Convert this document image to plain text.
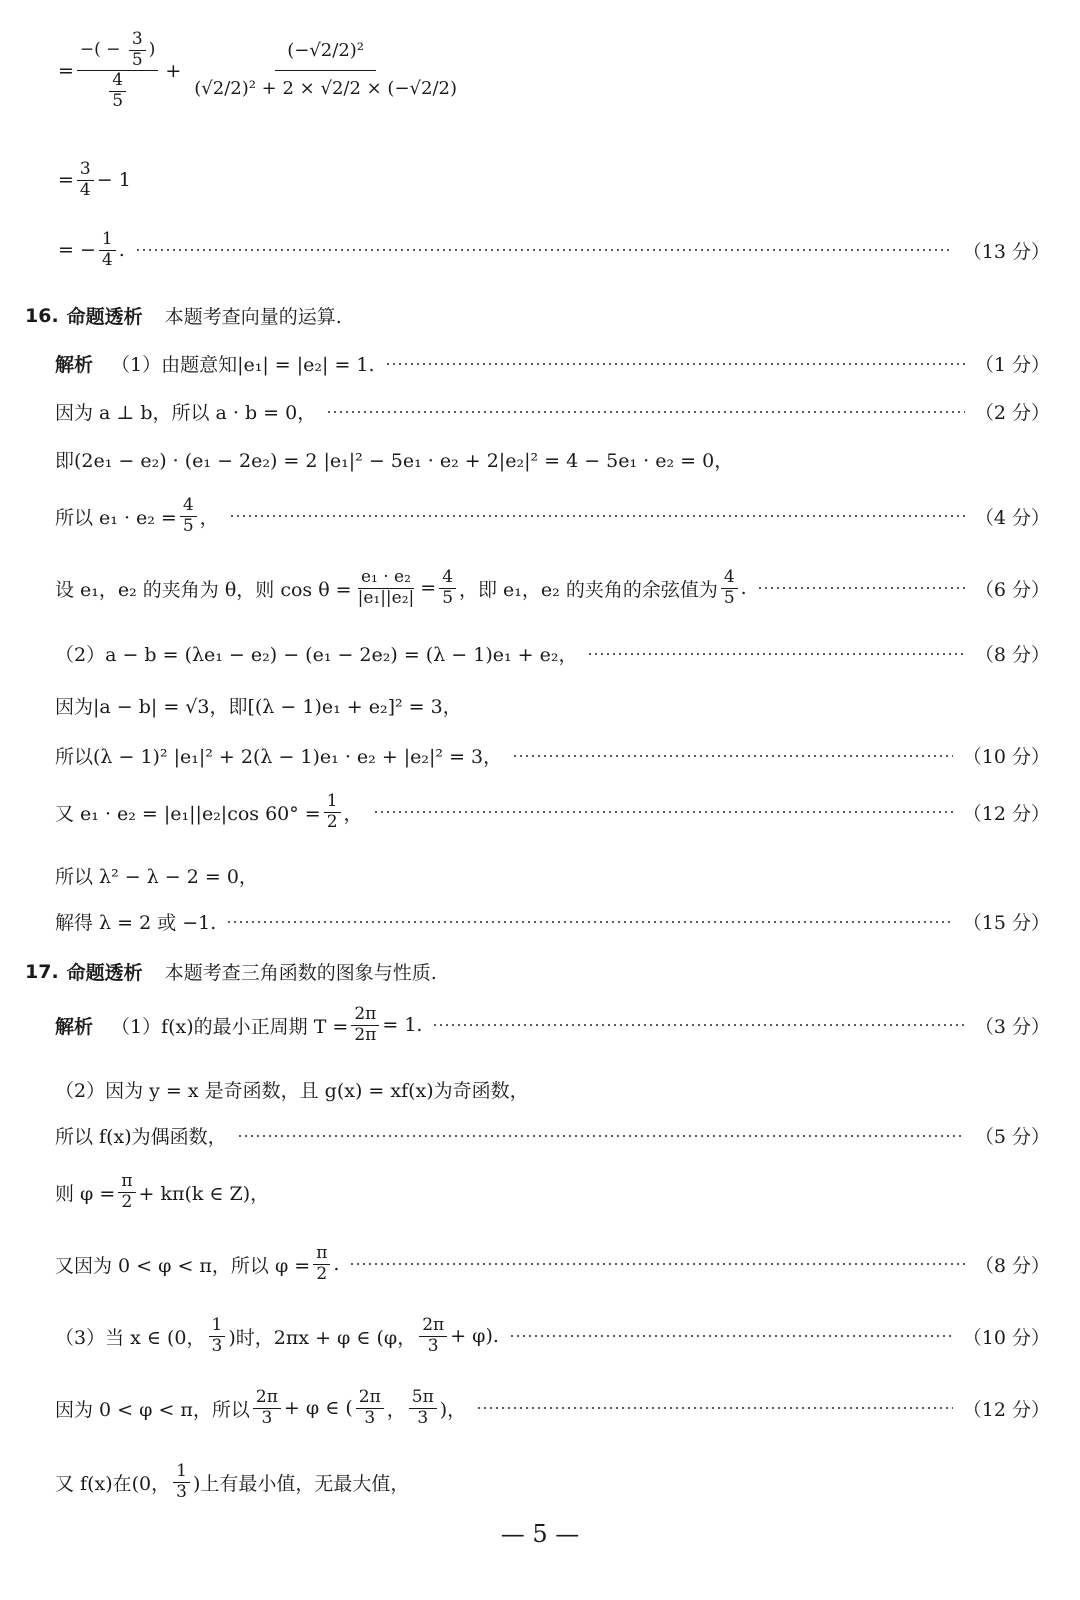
= $\frac{-( - \frac{3}{5} )}{\frac{4}{5}} + \frac{\text{(−√2/2)²}}{\text{(√2/2)² + 2 × √2/2 × (−√2/2)}}$
= $\frac{3}{4} - 1$
= − $\frac{1}{4}$ .	（13 分）
16. 命题透析 本题考查向量的运算.
解析 （1）由题意知|e₁| = |e₂| = 1.	（1 分）
因为 a ⊥ b，所以 a · b = 0，	（2 分）
即(2e₁ − e₂) · (e₁ − 2e₂) = 2 |e₁|² − 5e₁ · e₂ + 2|e₂|² = 4 − 5e₁ · e₂ = 0，
所以 $e_1 \cdot e_2 = \frac{4}{5}$ ，	（4 分）
设 e₁，e₂ 的夹角为 θ，则 $\cos \theta = \frac{\text{e₁ · e₂}}{\text{|e₁||e₂|}} = \frac{4}{5}$ ，即 e₁，e₂ 的夹角的余弦值为 $\frac{4}{5}$ .	（6 分）
（2）a − b = (λe₁ − e₂) − (e₁ − 2e₂) = (λ − 1)e₁ + e₂，	（8 分）
因为|a − b| = √3，即[(λ − 1)e₁ + e₂]² = 3，
所以(λ − 1)² |e₁|² + 2(λ − 1)e₁ · e₂ + |e₂|² = 3，	（10 分）
又 e₁ · e₂ = |e₁||e₂|cos $60^\circ = \frac{1}{2}$ ，	（12 分）
所以 λ² − λ − 2 = 0，
解得 λ = 2 或 −1.	（15 分）
17. 命题透析 本题考查三角函数的图象与性质.
解析 （1）f(x)的最小正周期 $T = \frac{2\pi}{2\pi} = 1$.	（3 分）
（2）因为 y = x 是奇函数，且 g(x) = xf(x)为奇函数，
所以 f(x)为偶函数，	（5 分）
则 $\varphi = \frac{\pi}{2} + k\pi(k$ ∈ Z)，
又因为 0 < φ < π，所以 $\varphi = \frac{\pi}{2}$ .	（8 分）
（3）当 x ∈ (0， $\frac{1}{3}$ )时，2πx + φ ∈ (φ， $\frac{2\pi}{3} + \varphi$).	（10 分）
因为 0 < φ < π，所以 $\frac{2\pi}{3} + \varphi$ ∈ ( $\frac{2\pi}{3}$ ， $\frac{5\pi}{3}$ )，	（12 分）
又 f(x)在(0， $\frac{1}{3}$ )上有最小值，无最大值，
— 5 —
